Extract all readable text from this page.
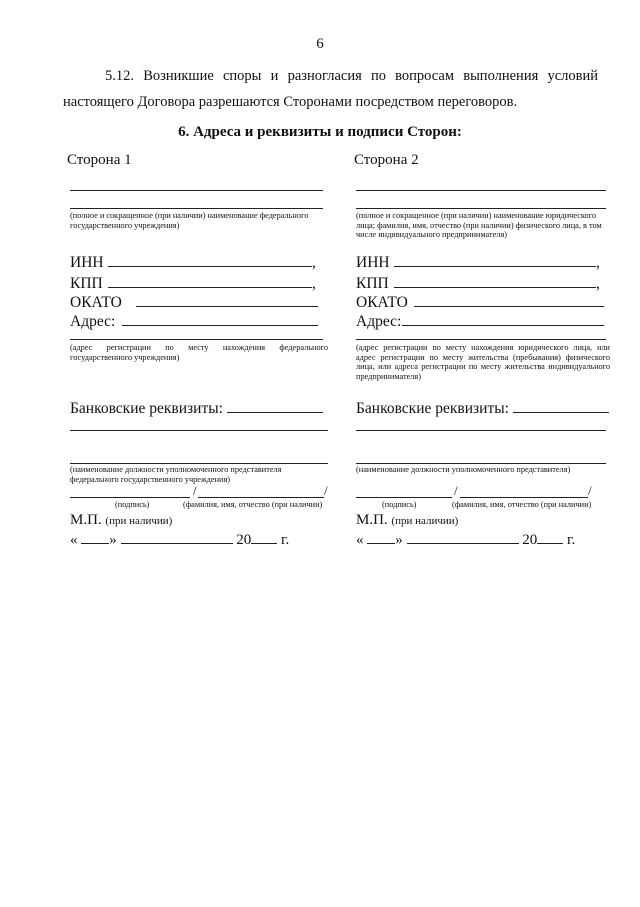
6
5.12. Возникшие споры и разногласия по вопросам выполнения условий настоящего Договора разрешаются Сторонами посредством переговоров.
6. Адреса и реквизиты и подписи Сторон:
Сторона 1
(полное и сокращенное (при наличии) наименование федерального государственного учреждения)
ИНН	,
КПП	,
ОКАТО
Адрес:
(адрес регистрации по месту нахождения федерального государственного учреждения)
Банковские реквизиты:
(наименование должности уполномоченного представителя федерального государственного учреждения)
/	/
(подпись)	(фамилия, имя, отчество (при наличии)
М.П. (при наличии)
« »	20 г.
Сторона 2
(полное и сокращенное (при наличии) наименование юридического лица; фамилия, имя, отчество (при наличии) физического лица, в том числе индивидуального предпринимателя)
ИНН	,
КПП	,
ОКАТО
Адрес:
(адрес регистрации по месту нахождения юридического лица, или адрес регистрации по месту жительства (пребывания) физического лица, или адреса регистрации по месту жительства индивидуального предпринимателя)
Банковские реквизиты:
(наименование должности уполномоченного представителя)
/	/
(подпись)	(фамилия, имя, отчество (при наличии)
М.П. (при наличии)
« »	20 г.
